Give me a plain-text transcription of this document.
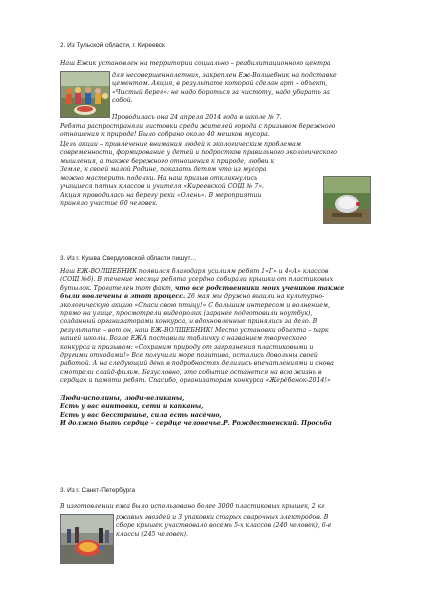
2. Из Тульской области, г. Киреевск
Наш Ёжик установлен на территории социально – реабилитационного центра
для несовершеннолетних, закреплен Ёж-Волшебник на подставке
цементом. Акция, в результате которой сделан арт – объект,
«Чистый берег»: не надо бороться за чистоту, надо убирать за
собой.
Проводилась она 24 апреля 2014 года в школе № 7.
Ребята распространяли листовки среди жителей города с призывом бережного
отношения к природе! Было собрано около 40 мешков мусора.
Цель акции – привлечение внимания людей к экологическим проблемам
современности, формирование у детей и подростков правильного экологического
мышления, а также бережного отношения к природе, любви к
Земле, к своей малой Родине, показать детям что из мусора
можно мастерить поделки. На наш призыв откликнулись
учащиеся пятых классов и учителя «Киреевской СОШ № 7».
Акция проводилась на берегу реки «Олень». В мероприятии
приняло участие 60 человек.
3. Из г. Кушва Свердловской области пишут…
Наш ЁЖ-ВОЛШЕБНИК появился благодаря усилиям ребят 1«Г» и 4«А» классов
(СОШ №6). В течение месяца ребята усердно собирали крышки от пластиковых
бутылок. Трогателен тот факт, что все родственники моих учеников также
были вовлечены в этот процесс. 26 мая мы дружно вышли на культурно-
экологическую акцию «Спаси свою птицу!» С большим интересом и волнением,
прямо на улице, просмотрели видеоролик (заранее подготовили ноутбук),
созданный организаторами конкурса, и вдохновленные принялись за дело. В
результате – вот он, наш ЁЖ-ВОЛШЕБНИК! Место установки объекта – парк
нашей школы. Возле ЕЖА поставили табличку с названием творческого
конкурса и призывом: «Сохраним природу от загрязнения пластиковыми и
другими отходами!» Все получили море позитива, остались довольны своей
работой. А на следующий день в подробностях делились впечатлениями и снова
смотрели слайд-фильм. Безусловно, это событие останется на всю жизнь в
сердцах и памяти ребят. Спасибо, организаторам конкурса «Жерёбенок-2014!»
Люди-исполины, люди-великаны,
Есть у вас винтовки, сети и капканы,
Есть у вас бесстрашье, сила есть насёчно,
И должно быть сердце – сердце человечье.Р. Рождественский. Просьба
3. Из г. Санкт-Петербурга
В изготовлении ежа было использовано более 3000 пластиковых крышек, 2 кг
ржавых гвоздей и 3 упаковки старых сварочных электродов. В
сборе крышек участвовало восемь 5-х классов (240 человек), 6-е
классы (245 человек).
